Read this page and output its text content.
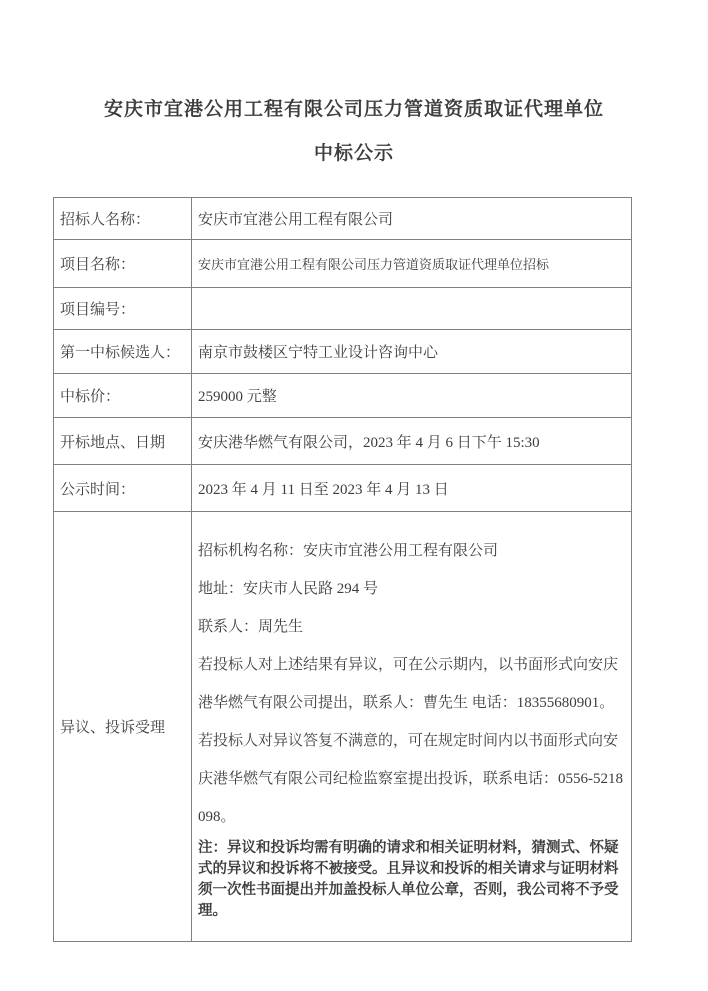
安庆市宜港公用工程有限公司压力管道资质取证代理单位
中标公示
招标人名称：	安庆市宜港公用工程有限公司
项目名称：	安庆市宜港公用工程有限公司压力管道资质取证代理单位招标
项目编号：	
第一中标候选人：	南京市鼓楼区宁特工业设计咨询中心
中标价：	259000 元整
开标地点、日期	安庆港华燃气有限公司，2023 年 4 月 6 日下午 15:30
公示时间：	2023 年 4 月 11 日至 2023 年 4 月 13 日
异议、投诉受理	

招标机构名称：安庆市宜港公用工程有限公司

地址：安庆市人民路 294 号

联系人：周先生

若投标人对上述结果有异议，可在公示期内，以书面形式向安庆港华燃气有限公司提出，联系人：曹先生 电话：18355680901。

若投标人对异议答复不满意的，可在规定时间内以书面形式向安庆港华燃气有限公司纪检监察室提出投诉，联系电话：0556-5218098。

注：异议和投诉均需有明确的请求和相关证明材料，猜测式、怀疑式的异议和投诉将不被接受。且异议和投诉的相关请求与证明材料须一次性书面提出并加盖投标人单位公章，否则，我公司将不予受理。
